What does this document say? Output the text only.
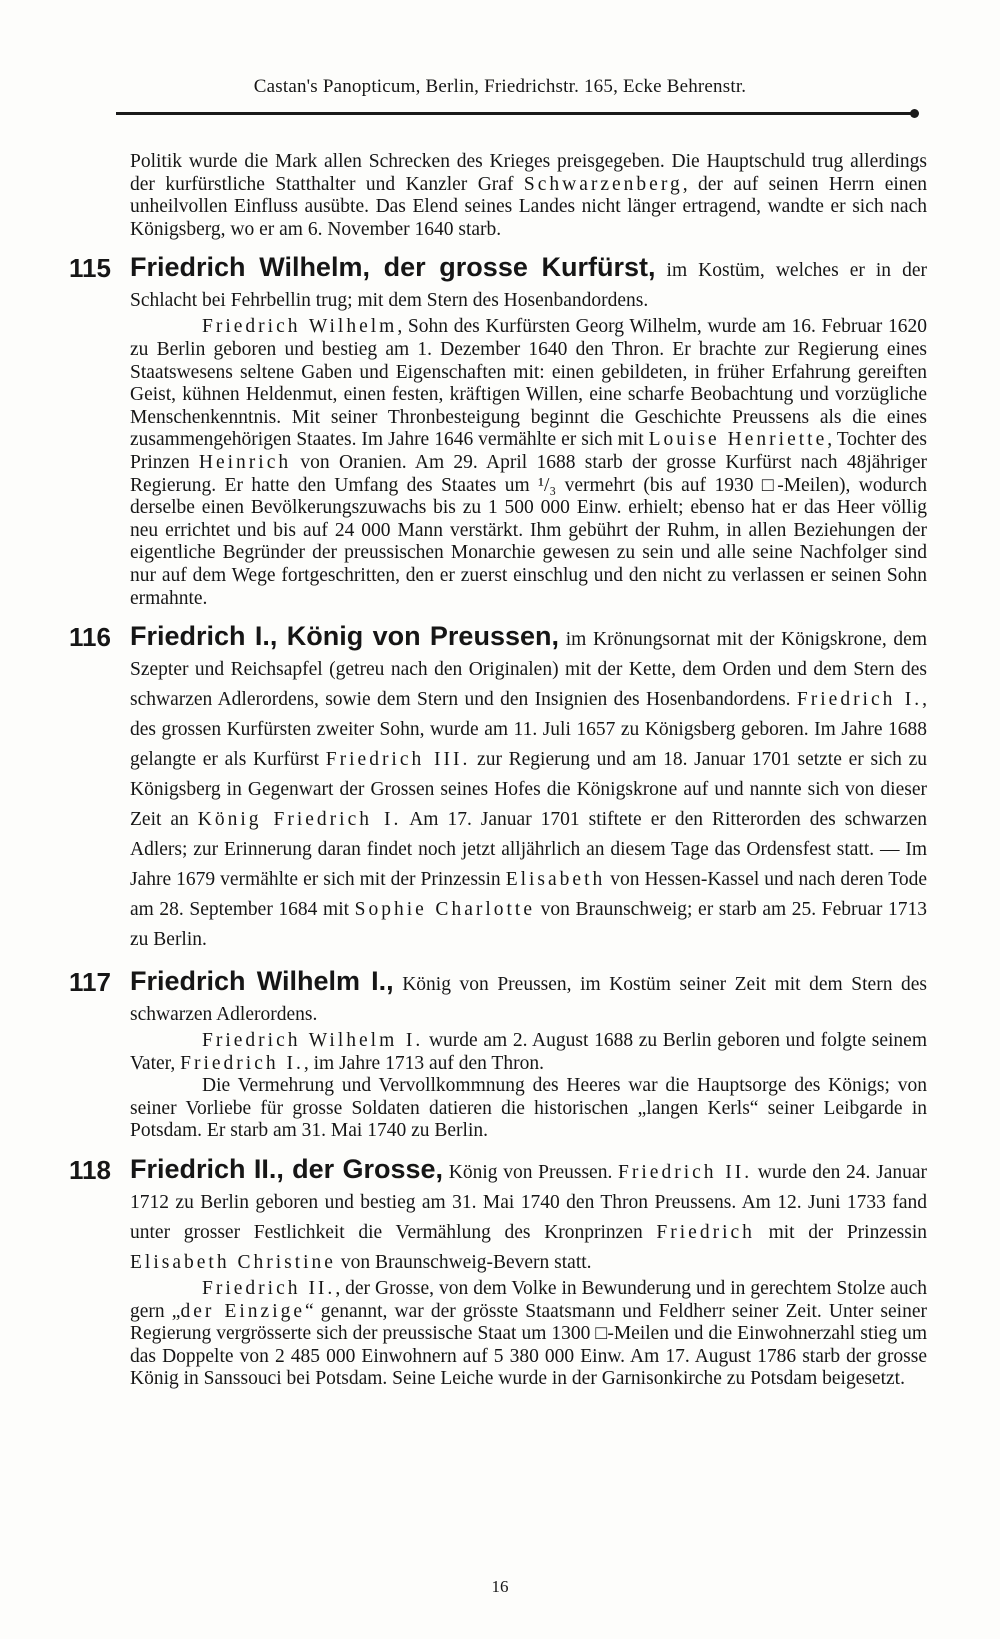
Castan's Panopticum, Berlin, Friedrichstr. 165, Ecke Behrenstr.

Politik wurde die Mark allen Schrecken des Krieges preisgegeben. Die Hauptschuld trug allerdings der kurfürstliche Statthalter und Kanzler Graf Schwarzenberg, der auf seinen Herrn einen unheilvollen Einfluss ausübte. Das Elend seines Landes nicht länger ertragend, wandte er sich nach Königsberg, wo er am 6. November 1640 starb.

115 Friedrich Wilhelm, der grosse Kurfürst, im Kostüm, welches er in der Schlacht bei Fehrbellin trug; mit dem Stern des Hosenbandordens.

Friedrich Wilhelm, Sohn des Kurfürsten Georg Wilhelm, wurde am 16. Februar 1620 zu Berlin geboren und bestieg am 1. Dezember 1640 den Thron. Er brachte zur Regierung eines Staatswesens seltene Gaben und Eigenschaften mit: einen gebildeten, in früher Erfahrung gereiften Geist, kühnen Heldenmut, einen festen, kräftigen Willen, eine scharfe Beobachtung und vorzügliche Menschenkenntnis. Mit seiner Thronbesteigung beginnt die Geschichte Preussens als die eines zusammengehörigen Staates. Im Jahre 1646 vermählte er sich mit Louise Henriette, Tochter des Prinzen Heinrich von Oranien. Am 29. April 1688 starb der grosse Kurfürst nach 48jähriger Regierung. Er hatte den Umfang des Staates um ¹/₃ vermehrt (bis auf 1930 □-Meilen), wodurch derselbe einen Bevölkerungszuwachs bis zu 1 500 000 Einw. erhielt; ebenso hat er das Heer völlig neu errichtet und bis auf 24 000 Mann verstärkt. Ihm gebührt der Ruhm, in allen Beziehungen der eigentliche Begründer der preussischen Monarchie gewesen zu sein und alle seine Nachfolger sind nur auf dem Wege fortgeschritten, den er zuerst einschlug und den nicht zu verlassen er seinen Sohn ermahnte.

116 Friedrich I., König von Preussen, im Krönungsornat mit der Königskrone, dem Szepter und Reichsapfel (getreu nach den Originalen) mit der Kette, dem Orden und dem Stern des schwarzen Adlerordens, sowie dem Stern und den Insignien des Hosenbandordens. Friedrich I., des grossen Kurfürsten zweiter Sohn, wurde am 11. Juli 1657 zu Königsberg geboren. Im Jahre 1688 gelangte er als Kurfürst Friedrich III. zur Regierung und am 18. Januar 1701 setzte er sich zu Königsberg in Gegenwart der Grossen seines Hofes die Königskrone auf und nannte sich von dieser Zeit an König Friedrich I. Am 17. Januar 1701 stiftete er den Ritterorden des schwarzen Adlers; zur Erinnerung daran findet noch jetzt alljährlich an diesem Tage das Ordensfest statt. — Im Jahre 1679 vermählte er sich mit der Prinzessin Elisabeth von Hessen-Kassel und nach deren Tode am 28. September 1684 mit Sophie Charlotte von Braunschweig; er starb am 25. Februar 1713 zu Berlin.

117 Friedrich Wilhelm I., König von Preussen, im Kostüm seiner Zeit mit dem Stern des schwarzen Adlerordens.

Friedrich Wilhelm I. wurde am 2. August 1688 zu Berlin geboren und folgte seinem Vater, Friedrich I., im Jahre 1713 auf den Thron.

Die Vermehrung und Vervollkommnung des Heeres war die Hauptsorge des Königs; von seiner Vorliebe für grosse Soldaten datieren die historischen „langen Kerls“ seiner Leibgarde in Potsdam. Er starb am 31. Mai 1740 zu Berlin.

118 Friedrich II., der Grosse, König von Preussen. Friedrich II. wurde den 24. Januar 1712 zu Berlin geboren und bestieg am 31. Mai 1740 den Thron Preussens. Am 12. Juni 1733 fand unter grosser Festlichkeit die Vermählung des Kronprinzen Friedrich mit der Prinzessin Elisabeth Christine von Braunschweig-Bevern statt.

Friedrich II., der Grosse, von dem Volke in Bewunderung und in gerechtem Stolze auch gern „der Einzige“ genannt, war der grösste Staatsmann und Feldherr seiner Zeit. Unter seiner Regierung vergrösserte sich der preussische Staat um 1300 □-Meilen und die Einwohnerzahl stieg um das Doppelte von 2 485 000 Einwohnern auf 5 380 000 Einw. Am 17. August 1786 starb der grosse König in Sanssouci bei Potsdam. Seine Leiche wurde in der Garnisonkirche zu Potsdam beigesetzt.

16
